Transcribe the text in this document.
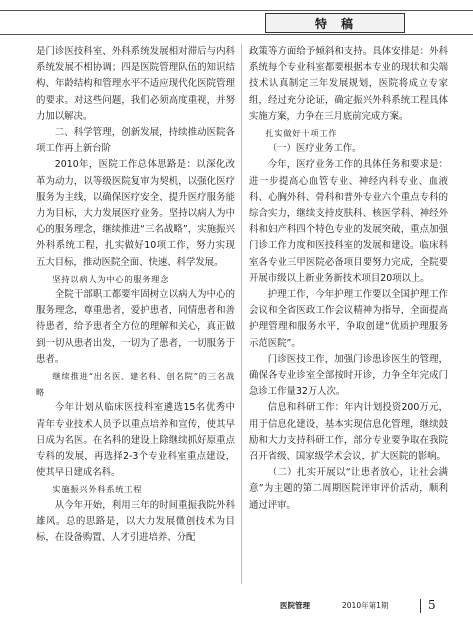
特稿

是门诊医技科室、外科系统发展相对滞后与内科系统发展不相协调；四是医院管理队伍的知识结构、年龄结构和管理水平不适应现代化医院管理的要求。对这些问题，我们必须高度重视，并努力加以解决。

二、科学管理，创新发展，持续推动医院各项工作再上新台阶

2010年，医院工作总体思路是：以深化改革为动力，以等级医院复审为契机，以强化医疗服务为主线，以确保医疗安全、提升医疗服务能力为目标，大力发展医疗业务。坚持以病人为中心的服务理念，继续推进“三名战略”，实施振兴外科系统工程，扎实做好10项工作，努力实现五大目标，推动医院全面、快速、科学发展。

坚持以病人为中心的服务理念

全院干部职工都要牢固树立以病人为中心的服务理念，尊重患者，爱护患者，同情患者和善待患者，给予患者全方位的理解和关心，真正做到一切从患者出发，一切为了患者，一切服务于患者。

继续推进“出名医、建名科、创名院”的三名战略

今年计划从临床医技科室遴选15名优秀中青年专业技术人员予以重点培养和宣传，使其早日成为名医。在名科的建设上除继续抓好原重点专科的发展，再选择2-3个专业科室重点建设，使其早日建成名科。

实施振兴外科系统工程

从今年开始，利用三年的时间重振我院外科雄风。总的思路是，以大力发展微创技术为目标，在设备购置、人才引进培养、分配

政策等方面给予倾斜和支持。具体安排是：外科系统每个专业科室都要根据本专业的现状和尖端技术认真制定三年发展规划，医院将成立专家组，经过充分论证，确定振兴外科系统工程具体实施方案，力争在三月底前完成方案。

扎实做好十项工作

（一）医疗业务工作。

今年，医疗业务工作的具体任务和要求是：进一步提高心血管专业、神经内科专业、血液科、心胸外科、骨科和普外专业六个重点专科的综合实力，继续支持皮肤科、核医学科、神经外科和妇产科四个特色专业的发展突破，重点加强门诊工作力度和医技科室的发展和建设。临床科室各专业三甲医院必备项目要努力完成，全院要开展市级以上新业务新技术项目20项以上。

护理工作，今年护理工作要以全国护理工作会议和全省医政工作会议精神为指导，全面提高护理管理和服务水平，争取创建“优质护理服务示范医院”。

门诊医技工作，加强门诊患诊医生的管理，确保各专业诊室全部按时开诊，力争全年完成门急诊工作量32万人次。

信息和科研工作：年内计划投资200万元，用于信息化建设，基本实现信息化管理，继续鼓励和大力支持科研工作，部分专业要争取在我院召开省级、国家级学术会议，扩大医院的影响。

（二）扎实开展以“让患者放心，让社会满意”为主题的第二周期医院评审评价活动，顺利通过评审。

医院管理	2010年第1期	5
